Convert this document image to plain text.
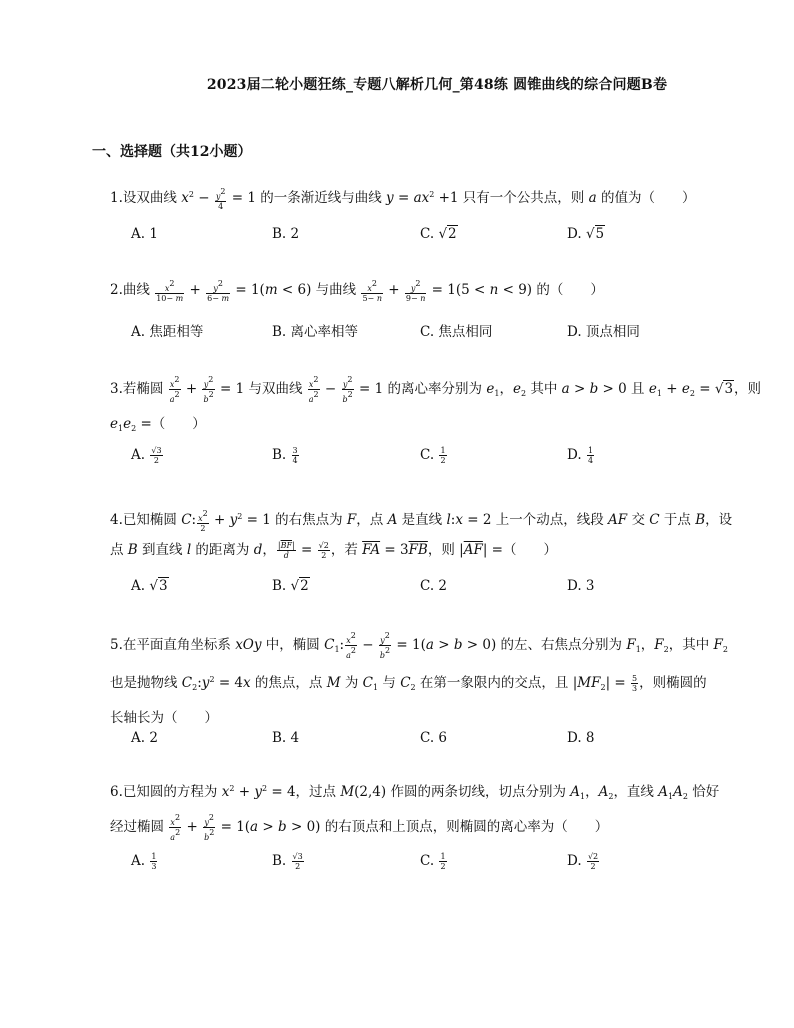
2023届二轮小题狂练_专题八解析几何_第48练 圆锥曲线的综合问题B卷
一、选择题（共12小题）
1.设双曲线 $x^2 - \frac{y^2}{4} = 1$ 的一条渐近线与曲线 $y = ax^2 +1$ 只有一个公共点，则 a 的值为（　　）
A. 1	B. 2	C. √2	D. √5
2.曲线 $\frac{x^2}{10- m} + \frac{y^2}{6- m} = 1(m < 6)$ 与曲线 $\frac{x^2}{5- n} + \frac{y^2}{9- n} = 1(5 < n < 9)$ 的（　　）
A. 焦距相等	B. 离心率相等	C. 焦点相同	D. 顶点相同
3.若椭圆 $\frac{x^2}{a^2} + \frac{y^2}{b^2} = 1$ 与双曲线 $\frac{x^2}{a^2} - \frac{y^2}{b^2} = 1$ 的离心率分别为 $e_1$，$e_2$ 其中 a > b > 0 且 $e_1 + e_2 = √3$，则
$e_1e_2$ =（　　）
A. $\frac{√3}{2}$	B. $\frac{3}{4}$	C. $\frac{1}{2}$	D. $\frac{1}{4}$
4.已知椭圆 C: $\frac{x^2}{2} + y^2 = 1$ 的右焦点为 F，点 A 是直线 l:x = 2 上一个动点，线段 AF 交 C 于点 B，设
点 B 到直线 l 的距离为 d， $\frac{|\overline{BF}|}{d} = \frac{√2}{2}$ ，若 $\overline{FA} = 3\overline{FB}$，则 $|\overline{AF}|$ =（　　）
A. √3	B. √2	C. 2	D. 3
5.在平面直角坐标系 xOy 中，椭圆 $C_1$: $\frac{x^2}{a^2} - \frac{y^2}{b^2} = 1(a > b > 0)$ 的左、右焦点分别为 $F_1$，$F_2$，其中 $F_2$
也是抛物线 $C_2:y^2 = 4x$ 的焦点，点 M 为 $C_1$ 与 $C_2$ 在第一象限内的交点，且 $|MF_2| = \frac{5}{3}$ ，则椭圆的
长轴长为（　　）
A. 2	B. 4	C. 6	D. 8
6.已知圆的方程为 $x^2 + y^2 = 4$，过点 M(2,4) 作圆的两条切线，切点分别为 $A_1$，$A_2$，直线 $A_1A_2$ 恰好
经过椭圆 $\frac{x^2}{a^2} + \frac{y^2}{b^2} = 1(a > b > 0)$ 的右顶点和上顶点，则椭圆的离心率为（　　）
A. $\frac{1}{3}$	B. $\frac{√3}{2}$	C. $\frac{1}{2}$	D. $\frac{√2}{2}$
